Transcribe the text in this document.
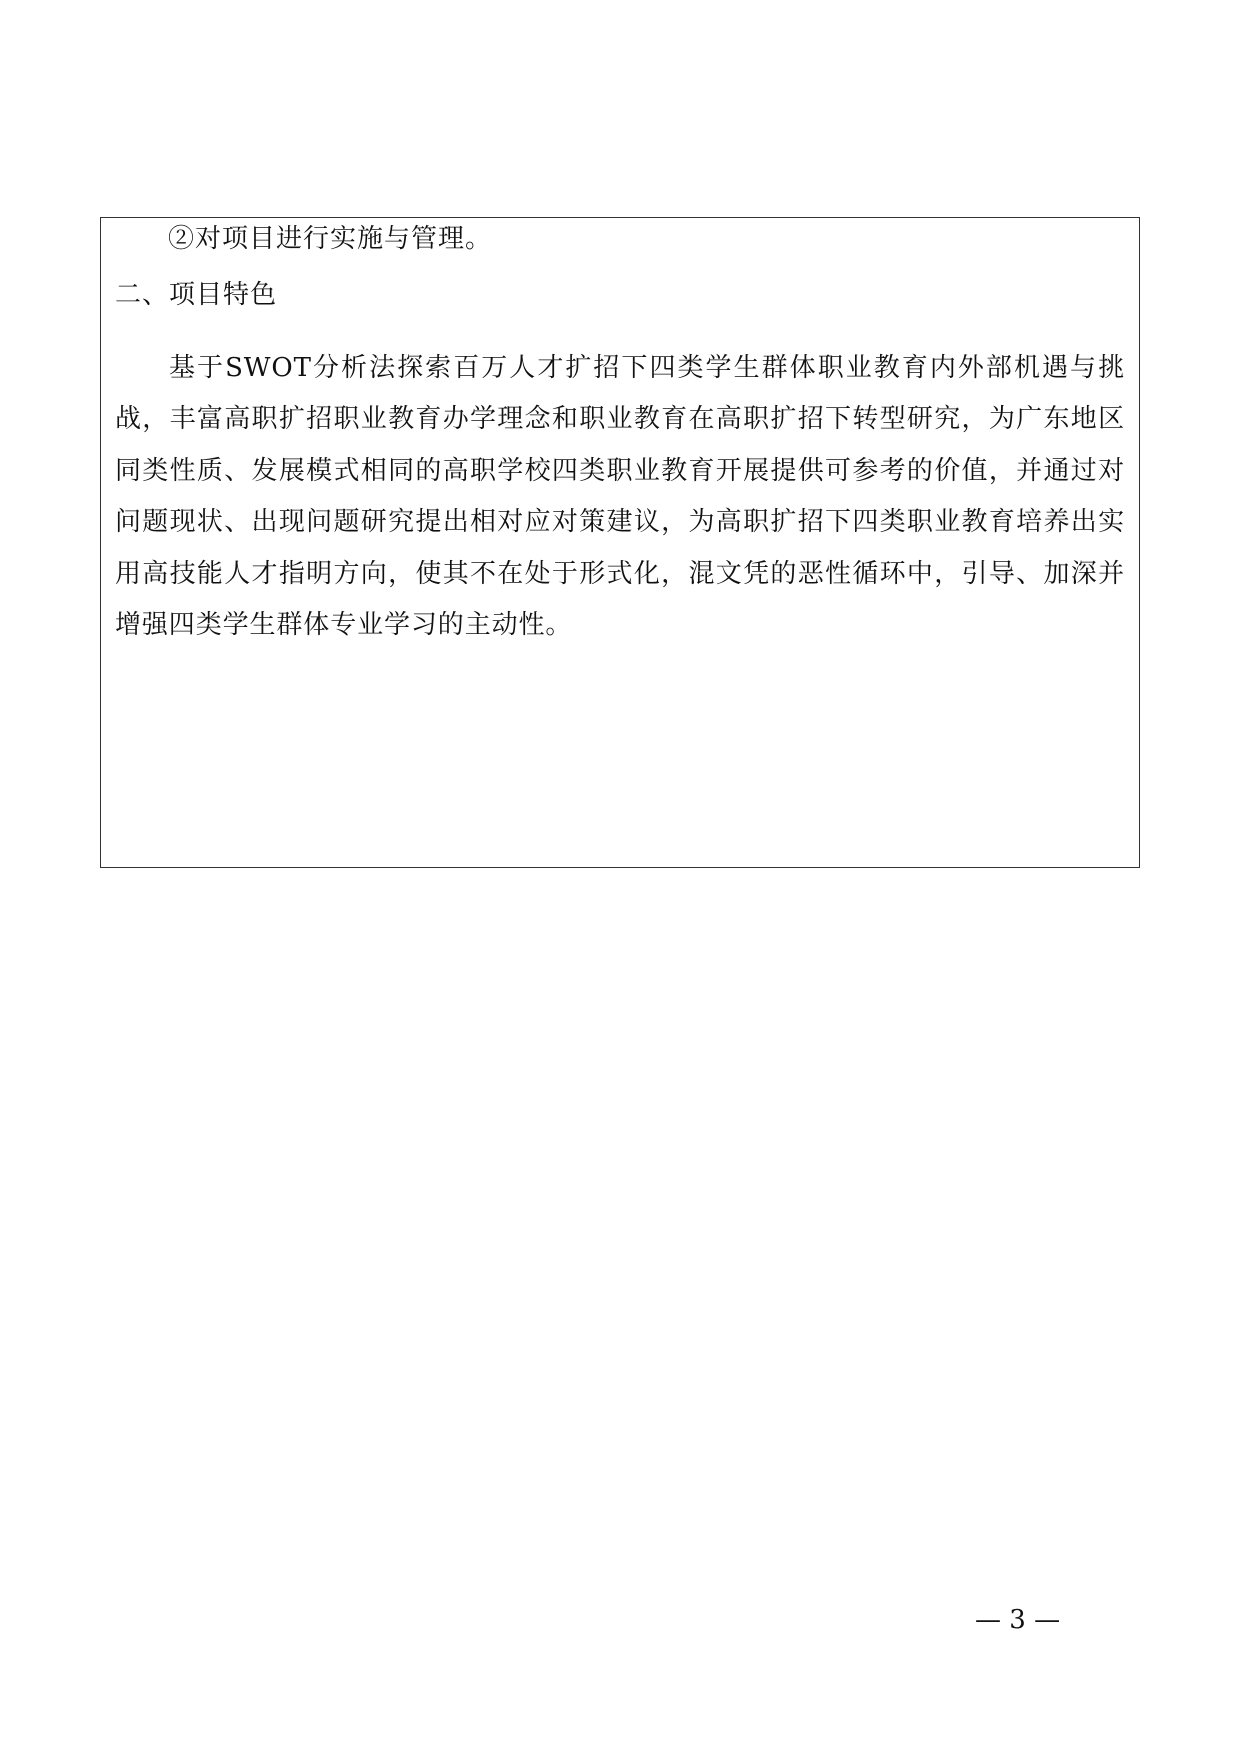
②对项目进行实施与管理。
二、项目特色

基于SWOT分析法探索百万人才扩招下四类学生群体职业教育内外部机遇与挑战，丰富高职扩招职业教育办学理念和职业教育在高职扩招下转型研究，为广东地区同类性质、发展模式相同的高职学校四类职业教育开展提供可参考的价值，并通过对问题现状、出现问题研究提出相对应对策建议，为高职扩招下四类职业教育培养出实用高技能人才指明方向，使其不在处于形式化，混文凭的恶性循环中，引导、加深并增强四类学生群体专业学习的主动性。

— 3 —
